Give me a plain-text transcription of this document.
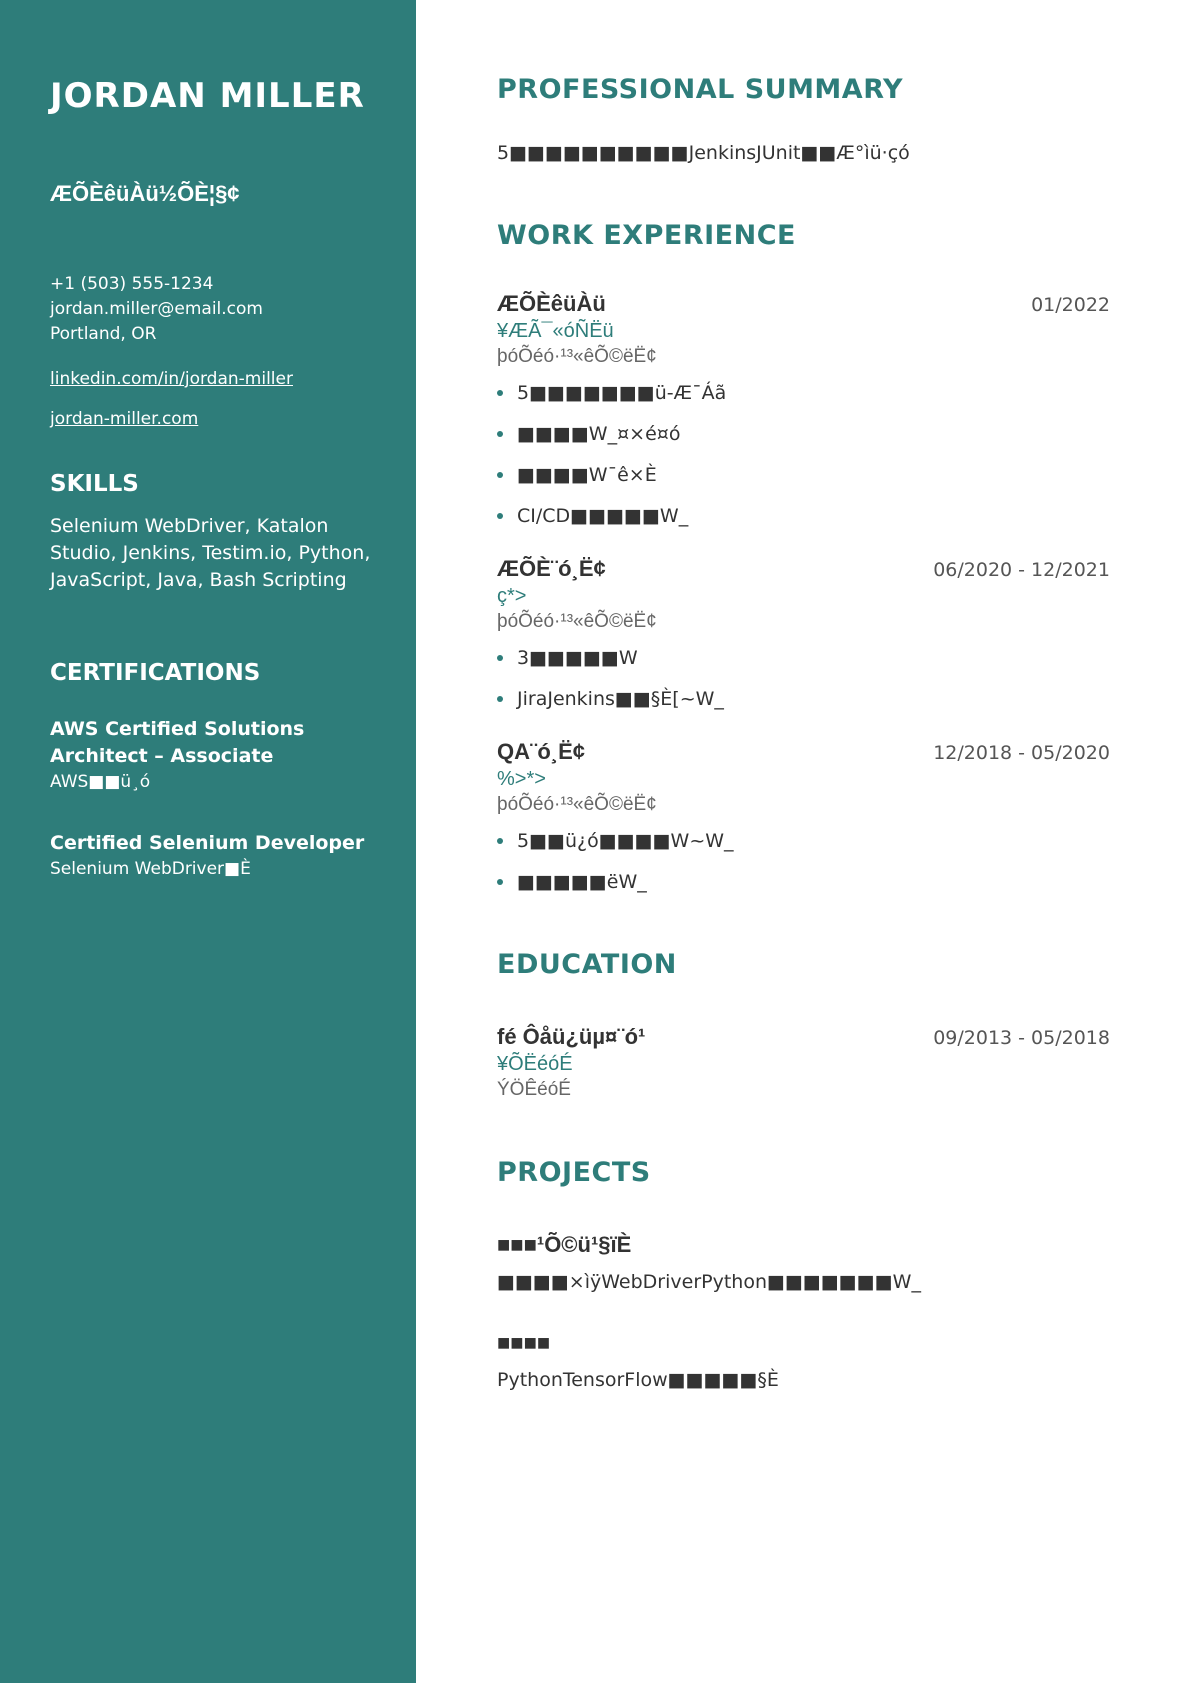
JORDAN MILLER
ÆÕÈêüÀü½ÕÈ¦§¢
+1 (503) 555-1234
jordan.miller@email.com
Portland, OR
linkedin.com/in/jordan-miller
jordan-miller.com
SKILLS
Selenium WebDriver, Katalon Studio, Jenkins, Testim.io, Python, JavaScript, Java, Bash Scripting
CERTIFICATIONS
AWS Certified Solutions Architect – Associate
AWS■■ü¸ó
Certified Selenium Developer
Selenium WebDriver■È
PROFESSIONAL SUMMARY
5■■■■■■■■■■JenkinsJUnit■■Æ°ìü·çó
WORK EXPERIENCE
ÆÕÈêüÀü	01/2022
¥ÆÃ¯«óÑËü
þóÕéó·¹³«êÕ©ëË¢
5■■■■■■■ü-Æ¯Áã
■■■■W_¤×é¤ó
■■■■W¯ê×È
CI/CD■■■■■W_
ÆÕÈ¨ó¸Ë¢	06/2020 - 12/2021
ç*>
þóÕéó·¹³«êÕ©ëË¢
3■■■■■W
JiraJenkins■■§È[~W_
QA¨ó¸Ë¢	12/2018 - 05/2020
%>*>
þóÕéó·¹³«êÕ©ëË¢
5■■ü¿ó■■■■W~W_
■■■■■ëW_
EDUCATION
fé Ôåü¿üµ¤¨ó¹	09/2013 - 05/2018
¥ÕËéóÉ
ÝÖÊéóÉ
PROJECTS
■■■¹Õ©ü¹§ïÈ
■■■■×ìÿWebDriverPython■■■■■■■W_
■■■■
PythonTensorFlow■■■■■§È
